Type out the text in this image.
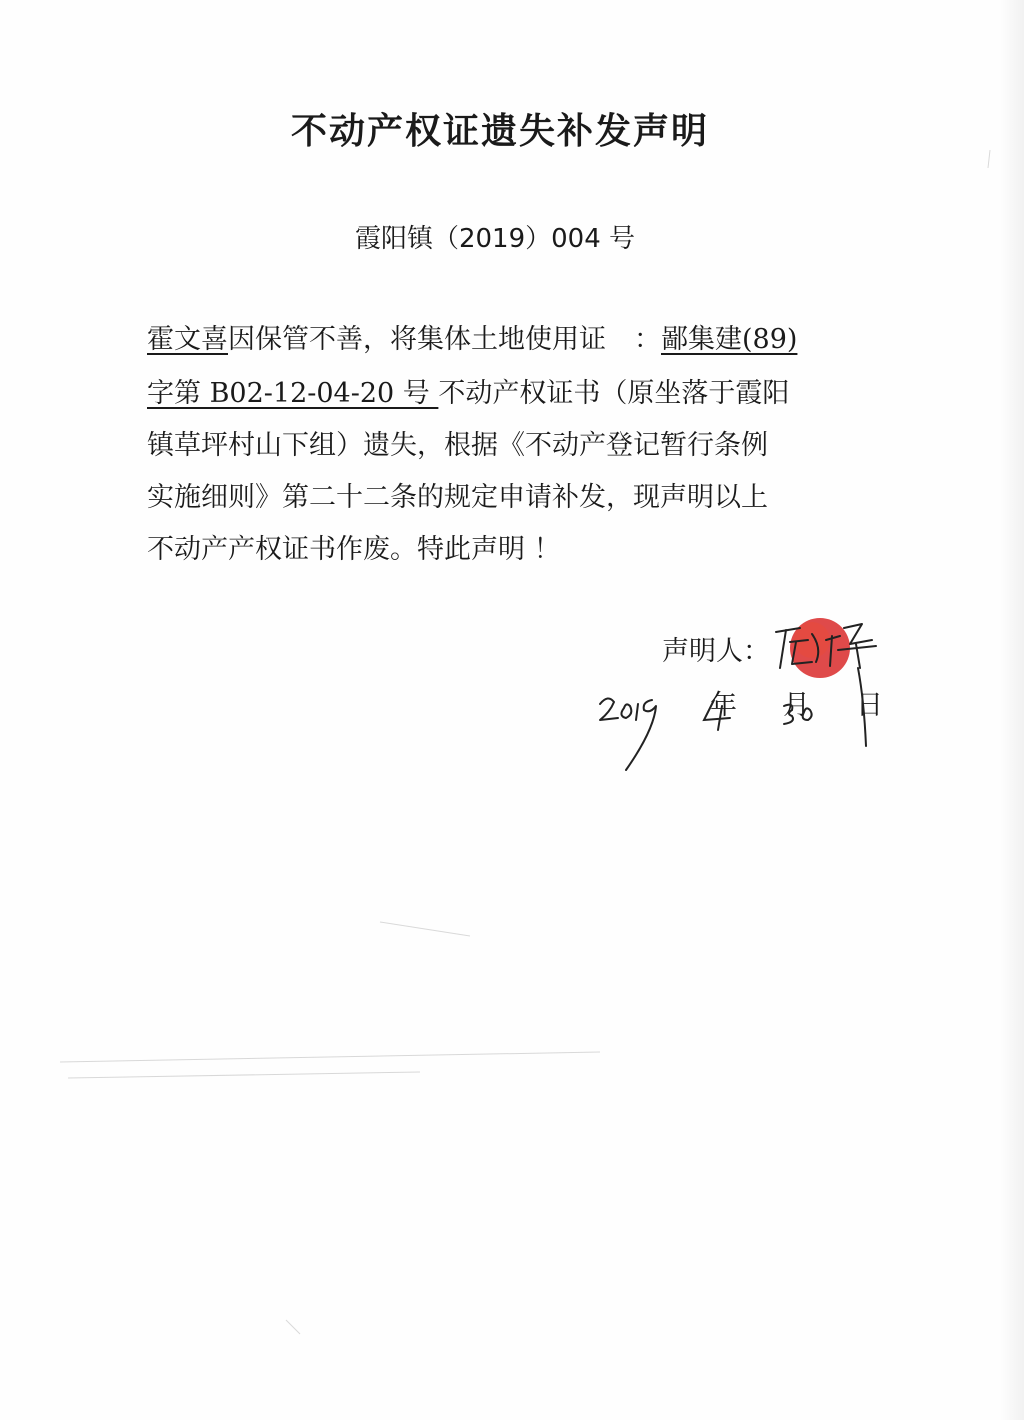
不动产权证遗失补发声明
霞阳镇（2019）004 号
霍文喜因保管不善，将集体土地使用证 ：鄙集建(89)
字第 B02-12-04-20 号 不动产权证书（原坐落于霞阳
镇草坪村山下组）遗失，根据《不动产登记暂行条例
实施细则》第二十二条的规定申请补发，现声明以上
不动产产权证书作废。特此声明 ！
声明人：
年 月 日
